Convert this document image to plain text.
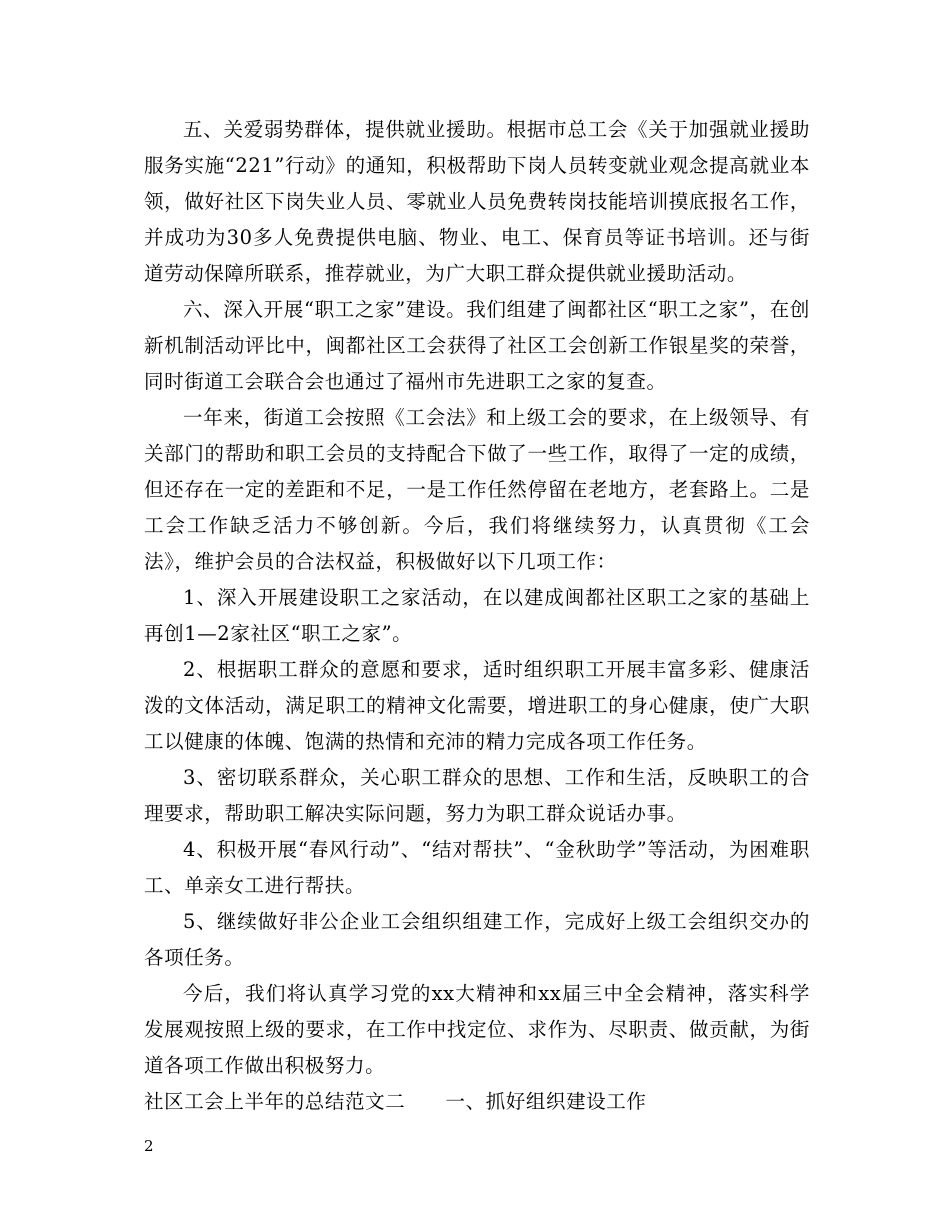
五、关爱弱势群体，提供就业援助。根据市总工会《关于加强就业援助服务实施“221”行动》的通知，积极帮助下岗人员转变就业观念提高就业本领，做好社区下岗失业人员、零就业人员免费转岗技能培训摸底报名工作，并成功为30多人免费提供电脑、物业、电工、保育员等证书培训。还与街道劳动保障所联系，推荐就业，为广大职工群众提供就业援助活动。

六、深入开展“职工之家”建设。我们组建了闽都社区“职工之家”，在创新机制活动评比中，闽都社区工会获得了社区工会创新工作银星奖的荣誉，同时街道工会联合会也通过了福州市先进职工之家的复查。

一年来，街道工会按照《工会法》和上级工会的要求，在上级领导、有关部门的帮助和职工会员的支持配合下做了一些工作，取得了一定的成绩，但还存在一定的差距和不足，一是工作任然停留在老地方，老套路上。二是工会工作缺乏活力不够创新。今后，我们将继续努力，认真贯彻《工会法》，维护会员的合法权益，积极做好以下几项工作：

1、深入开展建设职工之家活动，在以建成闽都社区职工之家的基础上再创1—2家社区“职工之家”。

2、根据职工群众的意愿和要求，适时组织职工开展丰富多彩、健康活泼的文体活动，满足职工的精神文化需要，增进职工的身心健康，使广大职工以健康的体魄、饱满的热情和充沛的精力完成各项工作任务。

3、密切联系群众，关心职工群众的思想、工作和生活，反映职工的合理要求，帮助职工解决实际问题，努力为职工群众说话办事。

4、积极开展“春风行动”、“结对帮扶”、“金秋助学”等活动，为困难职工、单亲女工进行帮扶。

5、继续做好非公企业工会组织组建工作，完成好上级工会组织交办的各项任务。

今后，我们将认真学习党的xx大精神和xx届三中全会精神，落实科学发展观按照上级的要求，在工作中找定位、求作为、尽职责、做贡献，为街道各项工作做出积极努力。

社区工会上半年的总结范文二　　一、抓好组织建设工作

2
